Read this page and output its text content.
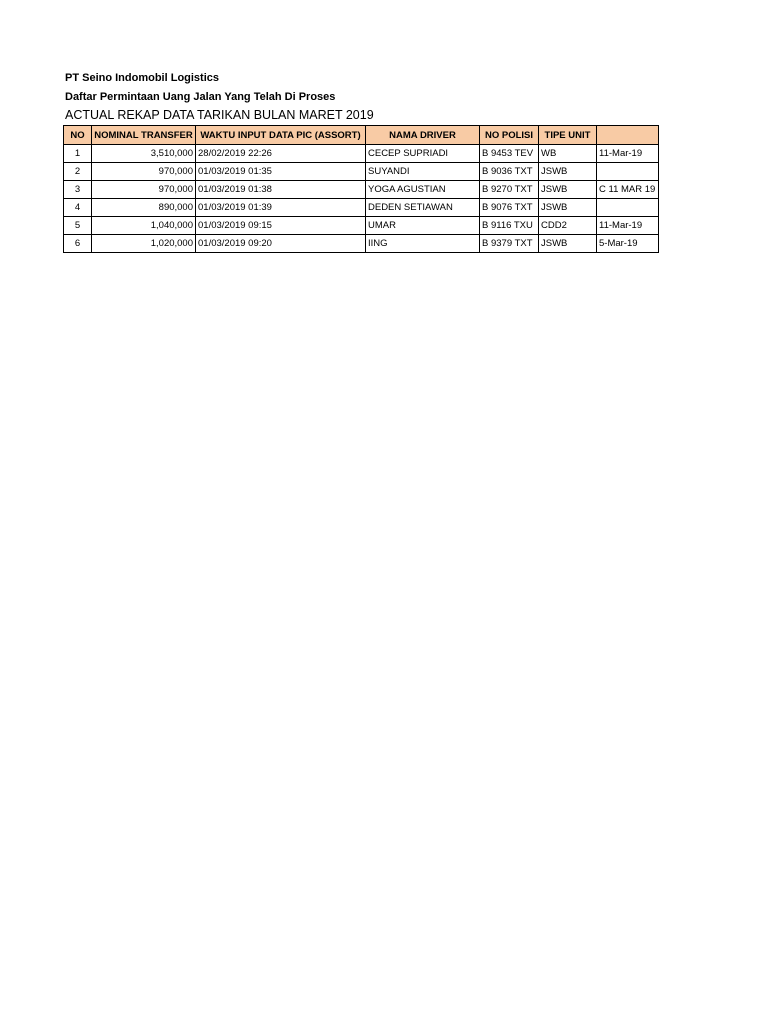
PT Seino Indomobil Logistics
Daftar Permintaan Uang Jalan Yang Telah Di Proses
ACTUAL REKAP DATA TARIKAN BULAN MARET 2019
NO	NOMINAL TRANSFER	WAKTU INPUT DATA PIC (ASSORT)	NAMA DRIVER	NO POLISI	TIPE UNIT	
1	3,510,000	28/02/2019 22:26	CECEP SUPRIADI	B 9453 TEV	WB	11-Mar-19
2	970,000	01/03/2019 01:35	SUYANDI	B 9036 TXT	JSWB	
3	970,000	01/03/2019 01:38	YOGA AGUSTIAN	B 9270 TXT	JSWB	C 11 MAR 19
4	890,000	01/03/2019 01:39	DEDEN SETIAWAN	B 9076 TXT	JSWB	
5	1,040,000	01/03/2019 09:15	UMAR	B 9116 TXU	CDD2	11-Mar-19
6	1,020,000	01/03/2019 09:20	IING	B 9379 TXT	JSWB	5-Mar-19
